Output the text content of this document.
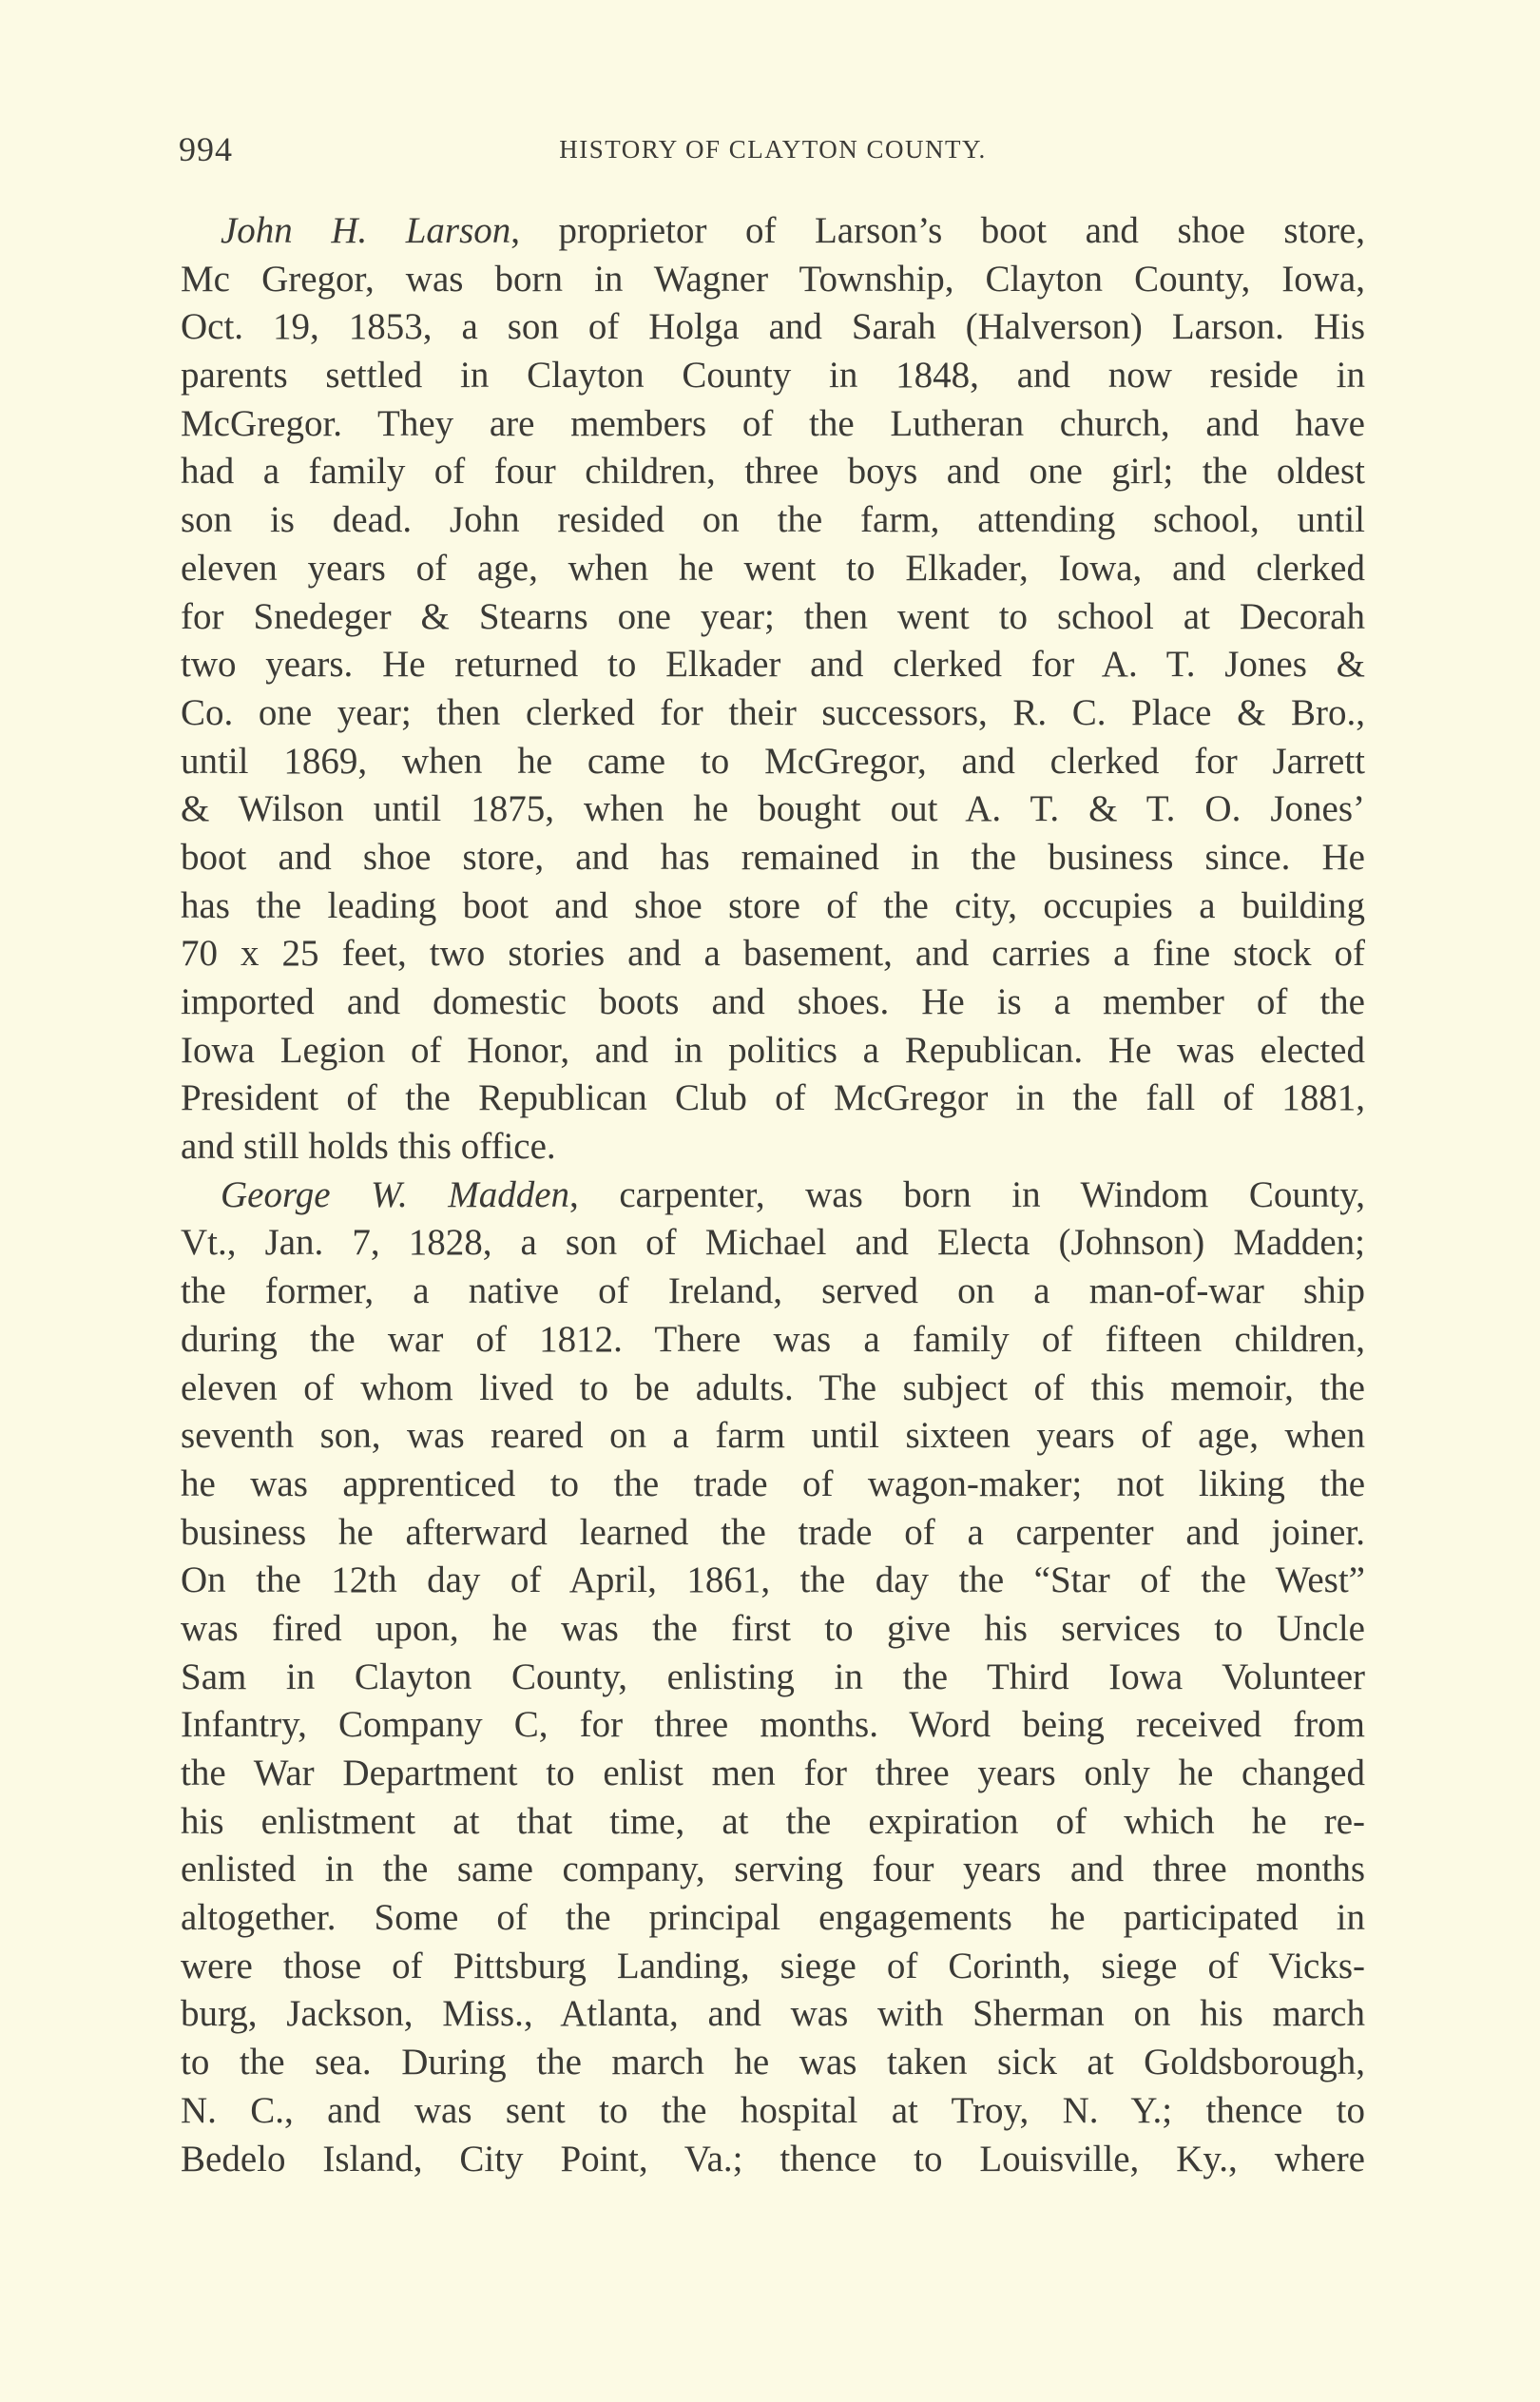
994	HISTORY OF CLAYTON COUNTY.
John H. Larson, proprietor of Larson’s boot and shoe store,
Mc Gregor, was born in Wagner Township, Clayton County, Iowa,
Oct. 19, 1853, a son of Holga and Sarah (Halverson) Larson. His
parents settled in Clayton County in 1848, and now reside in
McGregor. They are members of the Lutheran church, and have
had a family of four children, three boys and one girl; the oldest
son is dead. John resided on the farm, attending school, until
eleven years of age, when he went to Elkader, Iowa, and clerked
for Snedeger & Stearns one year; then went to school at Decorah
two years. He returned to Elkader and clerked for A. T. Jones &
Co. one year; then clerked for their successors, R. C. Place & Bro.,
until 1869, when he came to McGregor, and clerked for Jarrett
& Wilson until 1875, when he bought out A. T. & T. O. Jones’
boot and shoe store, and has remained in the business since. He
has the leading boot and shoe store of the city, occupies a building
70 x 25 feet, two stories and a basement, and carries a fine stock of
imported and domestic boots and shoes. He is a member of the
Iowa Legion of Honor, and in politics a Republican. He was elected
President of the Republican Club of McGregor in the fall of 1881,
and still holds this office.
George W. Madden, carpenter, was born in Windom County,
Vt., Jan. 7, 1828, a son of Michael and Electa (Johnson) Madden;
the former, a native of Ireland, served on a man-of-war ship
during the war of 1812. There was a family of fifteen children,
eleven of whom lived to be adults. The subject of this memoir, the
seventh son, was reared on a farm until sixteen years of age, when
he was apprenticed to the trade of wagon-maker; not liking the
business he afterward learned the trade of a carpenter and joiner.
On the 12th day of April, 1861, the day the “Star of the West”
was fired upon, he was the first to give his services to Uncle
Sam in Clayton County, enlisting in the Third Iowa Volunteer
Infantry, Company C, for three months. Word being received from
the War Department to enlist men for three years only he changed
his enlistment at that time, at the expiration of which he re-
enlisted in the same company, serving four years and three months
altogether. Some of the principal engagements he participated in
were those of Pittsburg Landing, siege of Corinth, siege of Vicks-
burg, Jackson, Miss., Atlanta, and was with Sherman on his march
to the sea. During the march he was taken sick at Goldsborough,
N. C., and was sent to the hospital at Troy, N. Y.; thence to
Bedelo Island, City Point, Va.; thence to Louisville, Ky., where
